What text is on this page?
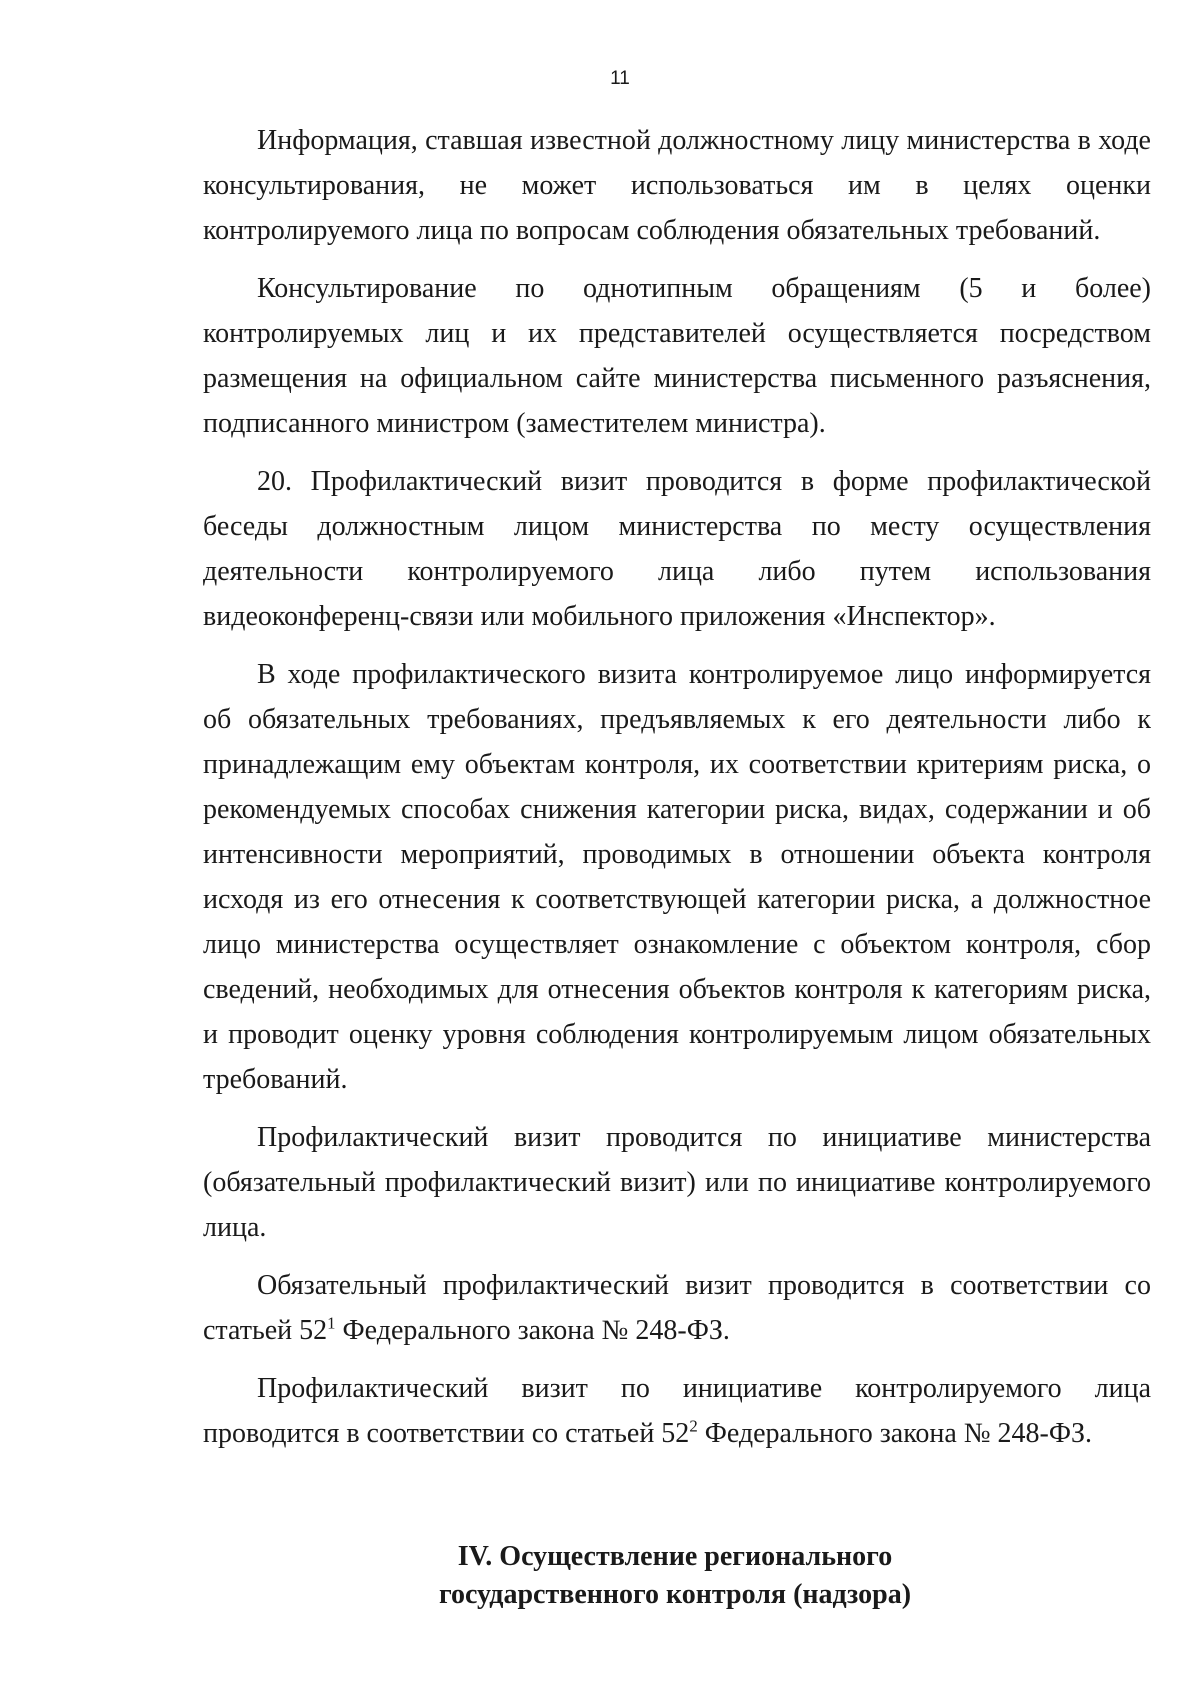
11

Информация, ставшая известной должностному лицу министерства в ходе консультирования, не может использоваться им в целях оценки контролируемого лица по вопросам соблюдения обязательных требований.

Консультирование по однотипным обращениям (5 и более) контролируемых лиц и их представителей осуществляется посредством размещения на официальном сайте министерства письменного разъяснения, подписанного министром (заместителем министра).

20. Профилактический визит проводится в форме профилактической беседы должностным лицом министерства по месту осуществления деятельности контролируемого лица либо путем использования видеоконференц-связи или мобильного приложения «Инспектор».

В ходе профилактического визита контролируемое лицо информируется об обязательных требованиях, предъявляемых к его деятельности либо к принадлежащим ему объектам контроля, их соответствии критериям риска, о рекомендуемых способах снижения категории риска, видах, содержании и об интенсивности мероприятий, проводимых в отношении объекта контроля исходя из его отнесения к соответствующей категории риска, а должностное лицо министерства осуществляет ознакомление с объектом контроля, сбор сведений, необходимых для отнесения объектов контроля к категориям риска, и проводит оценку уровня соблюдения контролируемым лицом обязательных требований.

Профилактический визит проводится по инициативе министерства (обязательный профилактический визит) или по инициативе контролируемого лица.

Обязательный профилактический визит проводится в соответствии со статьей $52^1$ Федерального закона № 248-ФЗ.

Профилактический визит по инициативе контролируемого лица проводится в соответствии со статьей $52^2$ Федерального закона № 248-ФЗ.

IV. Осуществление регионального
государственного контроля (надзора)
